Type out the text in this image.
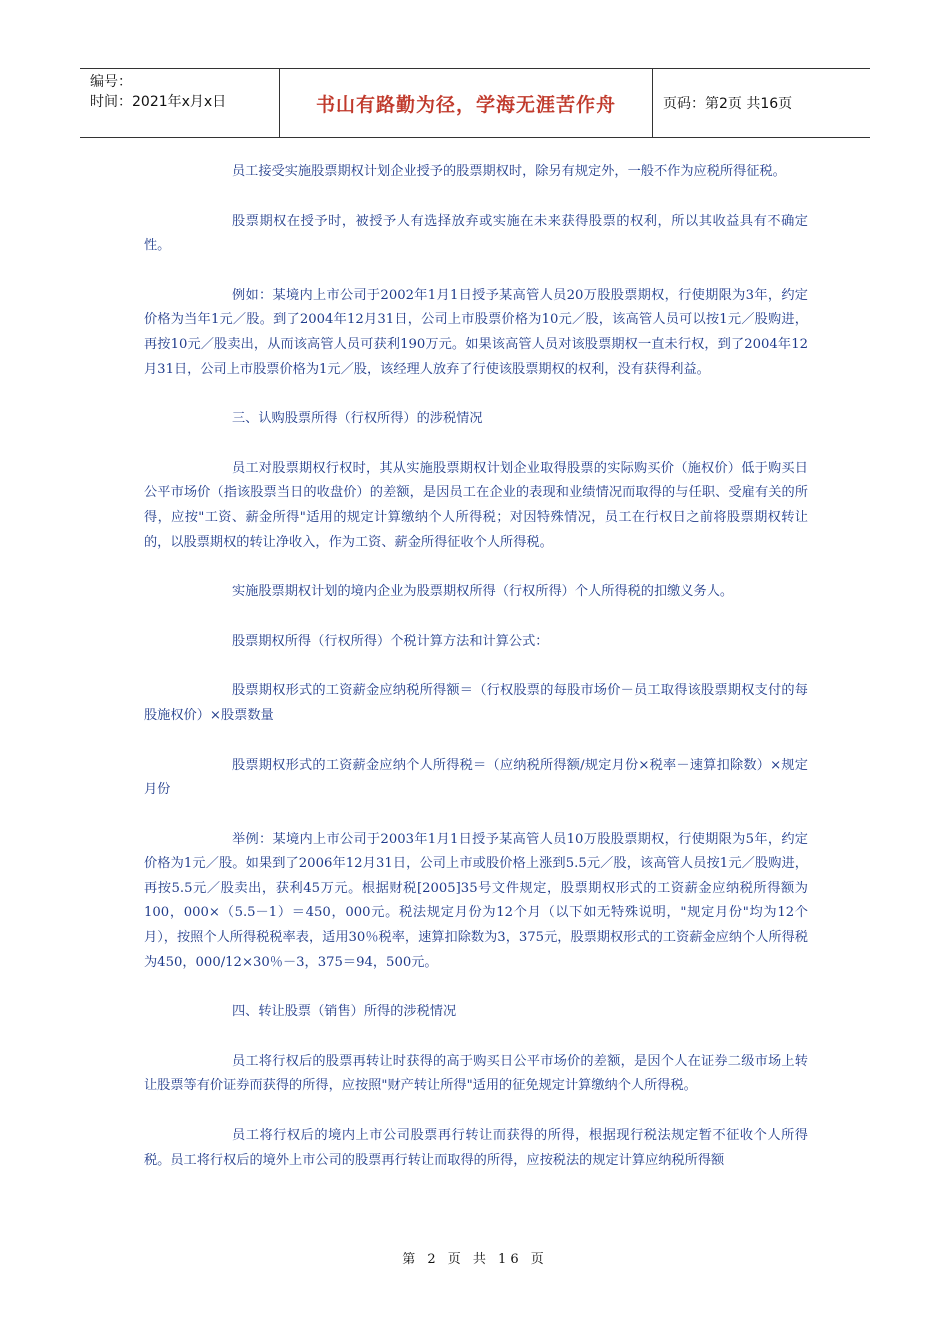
编号：
时间：2021年x月x日	书山有路勤为径，学海无涯苦作舟	页码：第2页 共16页

员工接受实施股票期权计划企业授予的股票期权时，除另有规定外，一般不作为应税所得征税。

股票期权在授予时，被授予人有选择放弃或实施在未来获得股票的权利，所以其收益具有不确定性。

例如：某境内上市公司于2002年1月1日授予某高管人员20万股股票期权，行使期限为3年，约定价格为当年1元／股。到了2004年12月31日，公司上市股票价格为10元／股，该高管人员可以按1元／股购进，再按10元／股卖出，从而该高管人员可获利190万元。如果该高管人员对该股票期权一直未行权，到了2004年12月31日，公司上市股票价格为1元／股，该经理人放弃了行使该股票期权的权利，没有获得利益。

三、认购股票所得（行权所得）的涉税情况

员工对股票期权行权时，其从实施股票期权计划企业取得股票的实际购买价（施权价）低于购买日公平市场价（指该股票当日的收盘价）的差额，是因员工在企业的表现和业绩情况而取得的与任职、受雇有关的所得，应按"工资、薪金所得"适用的规定计算缴纳个人所得税；对因特殊情况，员工在行权日之前将股票期权转让的，以股票期权的转让净收入，作为工资、薪金所得征收个人所得税。

实施股票期权计划的境内企业为股票期权所得（行权所得）个人所得税的扣缴义务人。

股票期权所得（行权所得）个税计算方法和计算公式：

股票期权形式的工资薪金应纳税所得额＝（行权股票的每股市场价－员工取得该股票期权支付的每股施权价）×股票数量

股票期权形式的工资薪金应纳个人所得税＝（应纳税所得额/规定月份×税率－速算扣除数）×规定月份

举例：某境内上市公司于2003年1月1日授予某高管人员10万股股票期权，行使期限为5年，约定价格为1元／股。如果到了2006年12月31日，公司上市或股价格上涨到5.5元／股，该高管人员按1元／股购进，再按5.5元／股卖出，获利45万元。根据财税[2005]35号文件规定，股票期权形式的工资薪金应纳税所得额为100，000×（5.5－1）＝450，000元。税法规定月份为12个月（以下如无特殊说明，"规定月份"均为12个月），按照个人所得税税率表，适用30％税率，速算扣除数为3，375元，股票期权形式的工资薪金应纳个人所得税为450，000/12×30％－3，375＝94，500元。

四、转让股票（销售）所得的涉税情况

员工将行权后的股票再转让时获得的高于购买日公平市场价的差额，是因个人在证券二级市场上转让股票等有价证券而获得的所得，应按照"财产转让所得"适用的征免规定计算缴纳个人所得税。

员工将行权后的境内上市公司股票再行转让而获得的所得，根据现行税法规定暂不征收个人所得税。员工将行权后的境外上市公司的股票再行转让而取得的所得，应按税法的规定计算应纳税所得额

第 2 页 共 16 页
